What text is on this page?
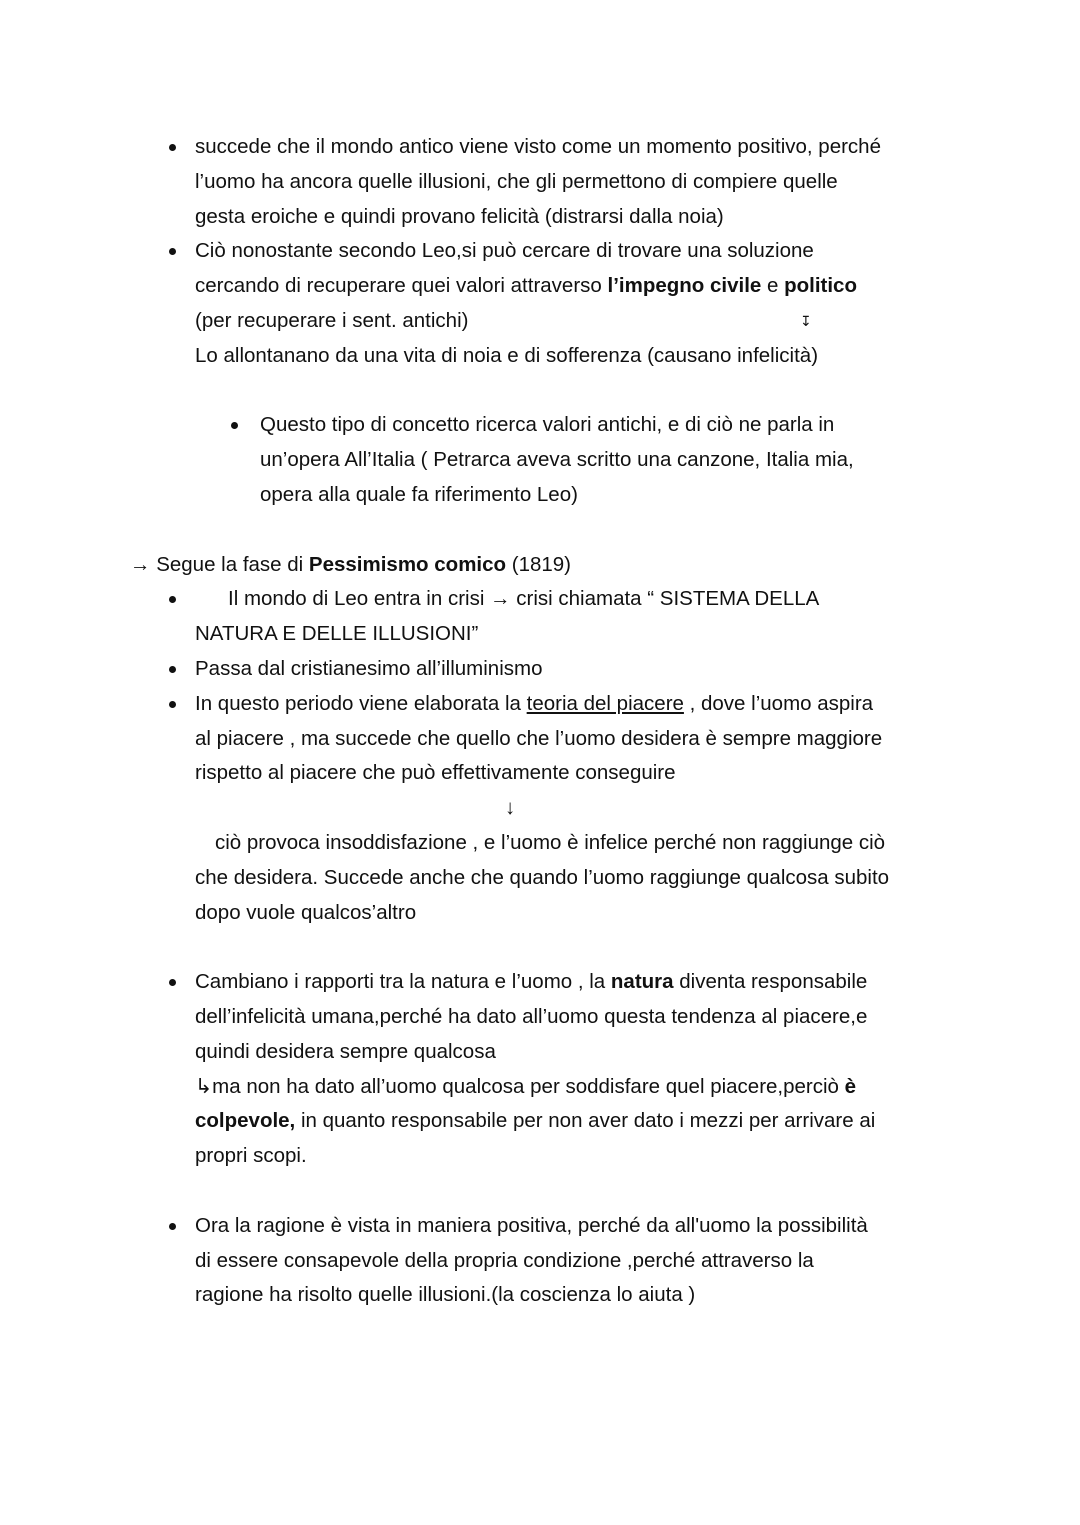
succede che il mondo antico viene visto come un momento positivo, perché
l’uomo ha ancora quelle illusioni, che gli permettono di compiere quelle
gesta eroiche e quindi provano felicità (distrarsi dalla noia)
Ciò nonostante secondo Leo,si può cercare di trovare una soluzione
cercando di recuperare quei valori attraverso l’impegno civile e politico
(per recuperare i sent. antichi)	↧
Lo allontanano da una vita di noia e di sofferenza (causano infelicità)
Questo tipo di concetto ricerca valori antichi, e di ciò ne parla in
un’opera All’Italia ( Petrarca aveva scritto una canzone, Italia mia,
opera alla quale fa riferimento Leo)
→ Segue la fase di Pessimismo comico (1819)
Il mondo di Leo entra in crisi → crisi chiamata “ SISTEMA DELLA
NATURA E DELLE ILLUSIONI”
Passa dal cristianesimo all’illuminismo
In questo periodo viene elaborata la teoria del piacere , dove l’uomo aspira
al piacere , ma succede che quello che l’uomo desidera è sempre maggiore
rispetto al piacere che può effettivamente conseguire
↓
ciò provoca insoddisfazione , e l’uomo è infelice perché non raggiunge ciò
che desidera. Succede anche che quando l’uomo raggiunge qualcosa subito
dopo vuole qualcos’altro
Cambiano i rapporti tra la natura e l’uomo , la natura diventa responsabile
dell’infelicità umana,perché ha dato all’uomo questa tendenza al piacere,e
quindi desidera sempre qualcosa
↳ma non ha dato all’uomo qualcosa per soddisfare quel piacere,perciò è
colpevole, in quanto responsabile per non aver dato i mezzi per arrivare ai
propri scopi.
Ora la ragione è vista in maniera positiva, perché da all'uomo la possibilità
di essere consapevole della propria condizione ,perché attraverso la
ragione ha risolto quelle illusioni.(la coscienza lo aiuta )
